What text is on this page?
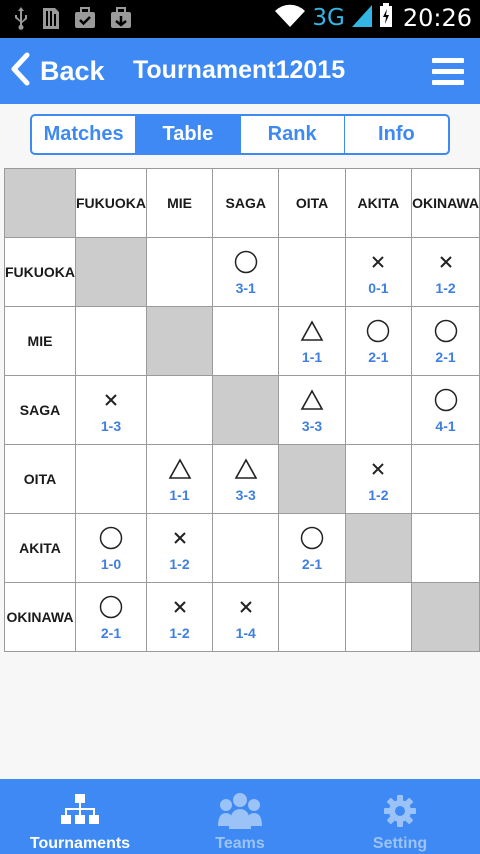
3G 20:26
Back Tournament12015
Matches	Table	Rank	Info
	FUKUOKA	MIE	SAGA	OITA	AKITA	OKINAWA
FUKUOKA			3-1		0-1	1-2

MIE				1-1	2-1	2-1

SAGA	1-3			3-3		4-1

OITA		1-1	3-3		1-2	

AKITA	1-0	1-2		2-1		

OKINAWA	2-1	1-2	1-4			

Tournaments	Teams	Setting
